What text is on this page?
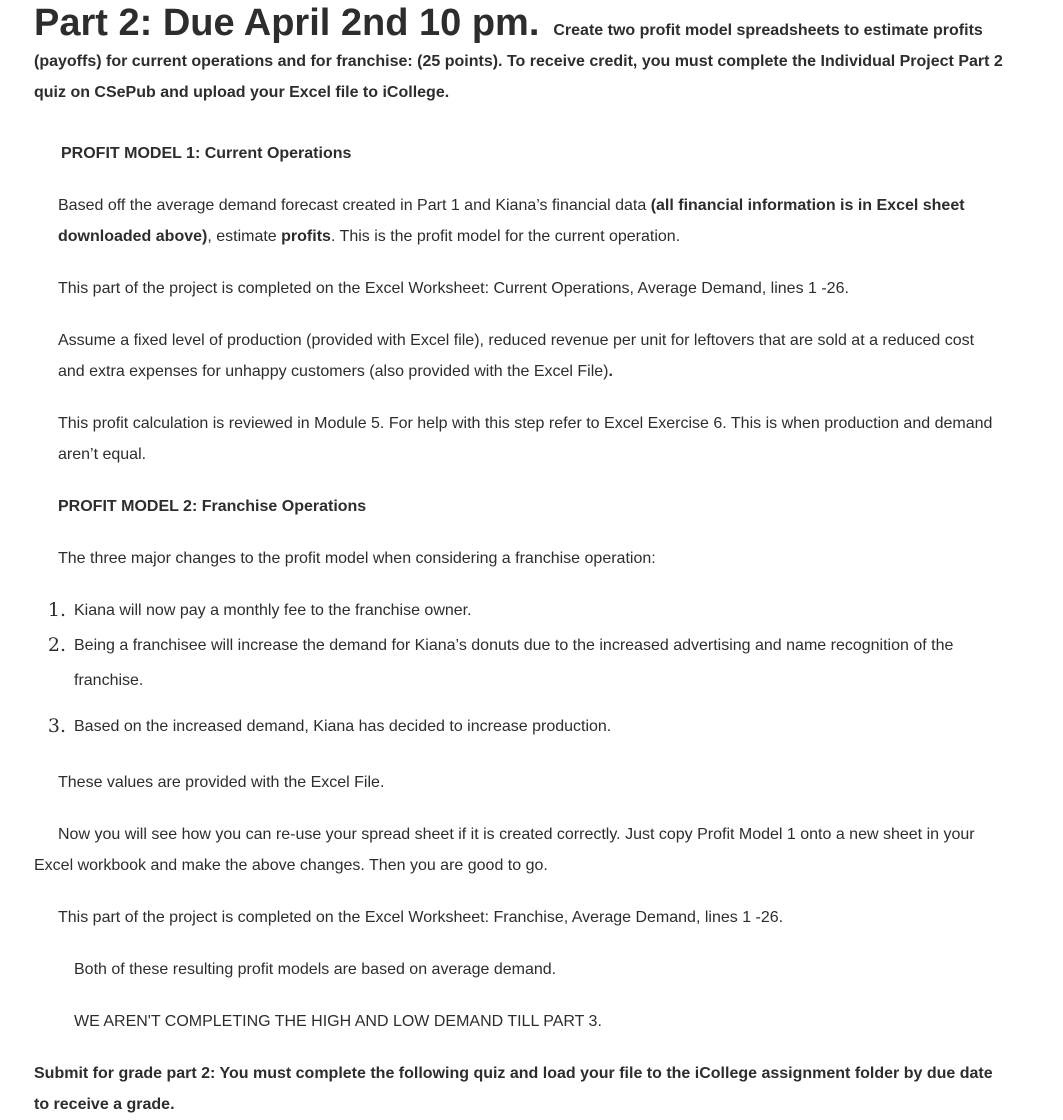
Part 2: Due April 2nd 10 pm. Create two profit model spreadsheets to estimate profits (payoffs) for current operations and for franchise: (25 points). To receive credit, you must complete the Individual Project Part 2 quiz on CSePub and upload your Excel file to iCollege.

PROFIT MODEL 1: Current Operations

Based off the average demand forecast created in Part 1 and Kiana’s financial data (all financial information is in Excel sheet downloaded above), estimate profits. This is the profit model for the current operation.

This part of the project is completed on the Excel Worksheet: Current Operations, Average Demand, lines 1 -26.

Assume a fixed level of production (provided with Excel file), reduced revenue per unit for leftovers that are sold at a reduced cost and extra expenses for unhappy customers (also provided with the Excel File).

This profit calculation is reviewed in Module 5. For help with this step refer to Excel Exercise 6. This is when production and demand aren’t equal.

PROFIT MODEL 2: Franchise Operations

The three major changes to the profit model when considering a franchise operation:

1. Kiana will now pay a monthly fee to the franchise owner.
2. Being a franchisee will increase the demand for Kiana’s donuts due to the increased advertising and name recognition of the franchise.
3. Based on the increased demand, Kiana has decided to increase production.

These values are provided with the Excel File.

Now you will see how you can re-use your spread sheet if it is created correctly. Just copy Profit Model 1 onto a new sheet in your Excel workbook and make the above changes. Then you are good to go.

This part of the project is completed on the Excel Worksheet: Franchise, Average Demand, lines 1 -26.

Both of these resulting profit models are based on average demand.

WE AREN'T COMPLETING THE HIGH AND LOW DEMAND TILL PART 3.

Submit for grade part 2: You must complete the following quiz and load your file to the iCollege assignment folder by due date to receive a grade.
